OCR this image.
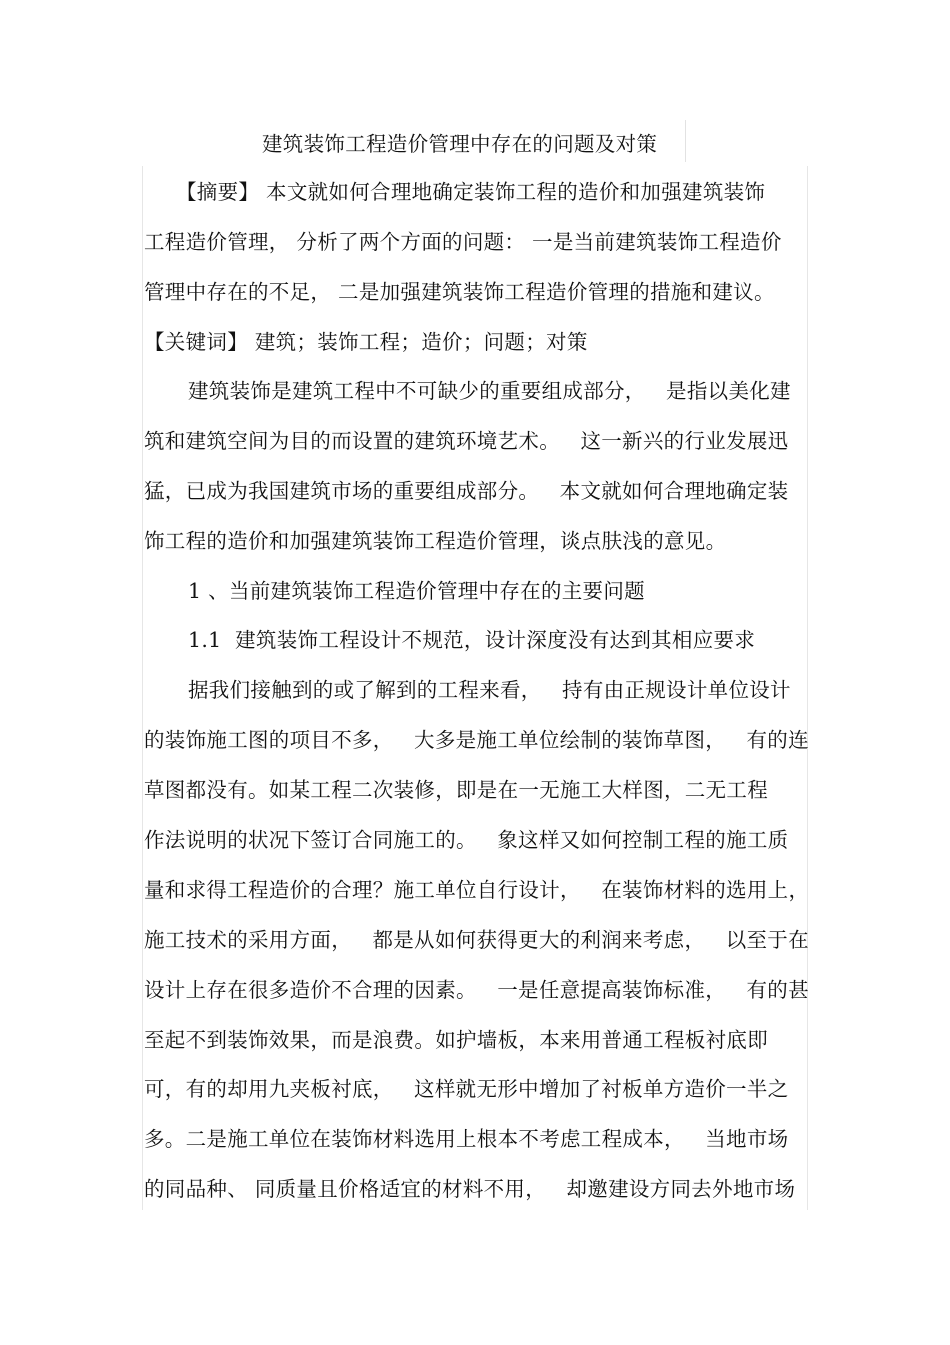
建筑装饰工程造价管理中存在的问题及对策
【摘要】 本文就如何合理地确定装饰工程的造价和加强建筑装饰
工程造价管理， 分析了两个方面的问题： 一是当前建筑装饰工程造价
管理中存在的不足， 二是加强建筑装饰工程造价管理的措施和建议。
【关键词】 建筑；装饰工程；造价；问题；对策
建筑装饰是建筑工程中不可缺少的重要组成部分，   是指以美化建
筑和建筑空间为目的而设置的建筑环境艺术。   这一新兴的行业发展迅
猛，已成为我国建筑市场的重要组成部分。   本文就如何合理地确定装
饰工程的造价和加强建筑装饰工程造价管理，谈点肤浅的意见。
1 、当前建筑装饰工程造价管理中存在的主要问题
1.1  建筑装饰工程设计不规范，设计深度没有达到其相应要求
据我们接触到的或了解到的工程来看，   持有由正规设计单位设计
的装饰施工图的项目不多，   大多是施工单位绘制的装饰草图，   有的连
草图都没有。如某工程二次装修，即是在一无施工大样图，二无工程
作法说明的状况下签订合同施工的。   象这样又如何控制工程的施工质
量和求得工程造价的合理？施工单位自行设计，   在装饰材料的选用上，
施工技术的采用方面，   都是从如何获得更大的利润来考虑，   以至于在
设计上存在很多造价不合理的因素。   一是任意提高装饰标准，   有的甚
至起不到装饰效果，而是浪费。如护墙板，本来用普通工程板衬底即
可，有的却用九夹板衬底，   这样就无形中增加了衬板单方造价一半之
多。二是施工单位在装饰材料选用上根本不考虑工程成本，   当地市场
的同品种、 同质量且价格适宜的材料不用，   却邀建设方同去外地市场
